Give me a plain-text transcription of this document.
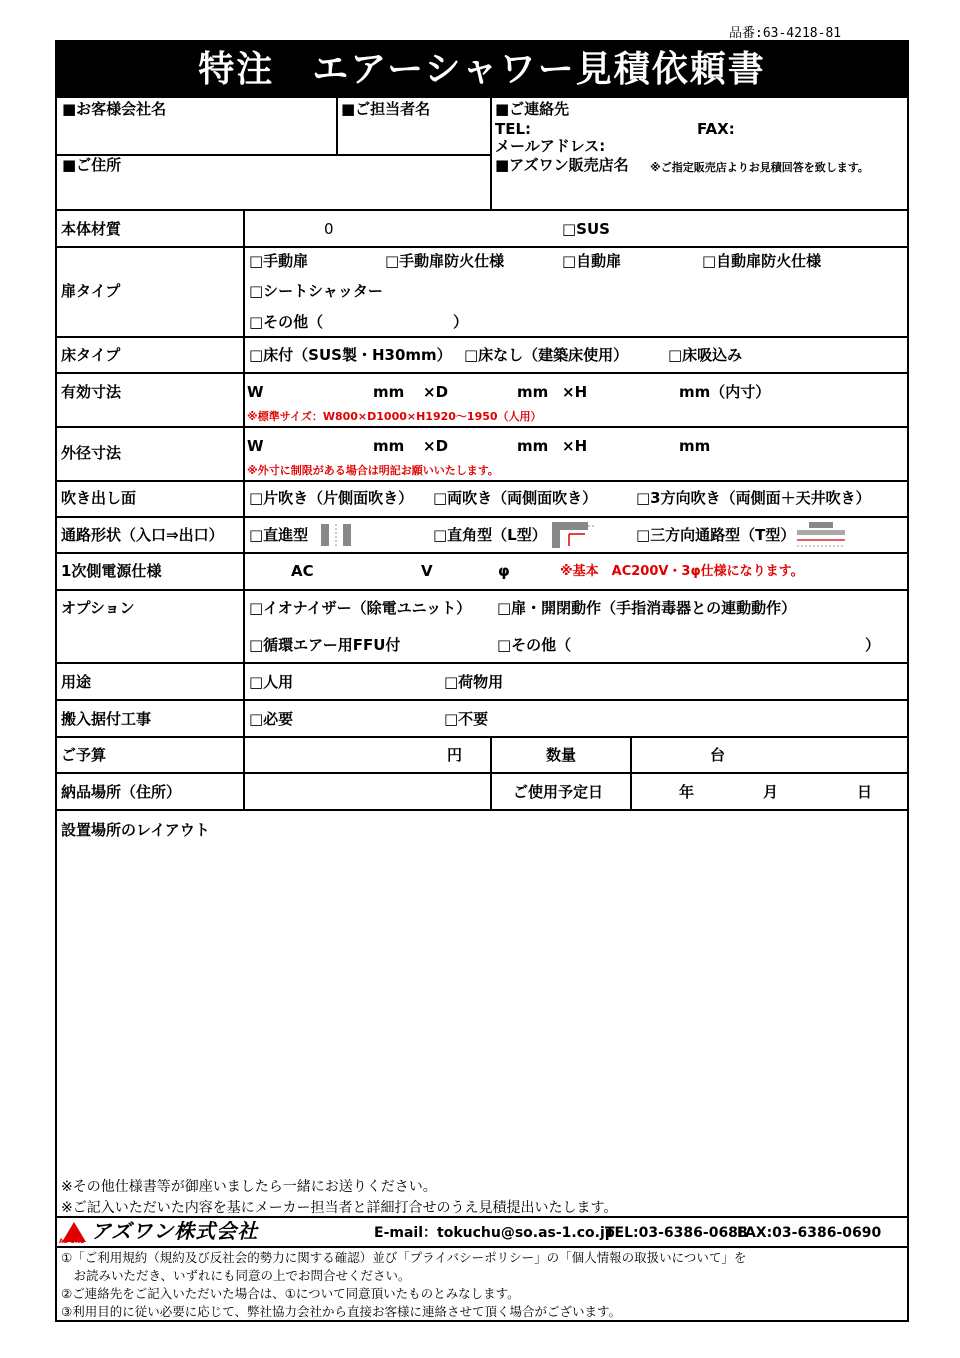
品番:63-4218-81
特注　エアーシャワー見積依頼書
■お客様会社名	■ご担当者名	■ご連絡先
TEL:	FAX:
メールアドレス:
■ご住所	■アズワン販売店名 ※ご指定販売店よりお見積回答を致します。
本体材質	0	□SUS
扉タイプ
□手動扉	□手動扉防火仕様	□自動扉	□自動扉防火仕様
□シートシャッター
□その他（	）
床タイプ	□床付（SUS製・H30mm） □床なし（建築床使用）	□床吸込み
有効寸法	W	mm ×D	mm ×H	mm（内寸）
※標準サイズ：W800×D1000×H1920～1950（人用）
外径寸法	W	mm ×D	mm ×H	mm
※外寸に制限がある場合は明記お願いいたします。
吹き出し面	□片吹き（片側面吹き） □両吹き（両側面吹き）	□3方向吹き（両側面＋天井吹き）
通路形状（入口⇒出口） □直進型	□直角型（L型）	□三方向通路型（T型）
1次側電源仕様	AC	V	φ	※基本　AC200V・3φ仕様になります。
オプション	□イオナイザー（除電ユニット） □扉・開閉動作（手指消毒器との連動動作）
□循環エアー用FFU付	□その他（	）
用途	□人用	□荷物用
搬入据付工事	□必要	□不要
ご予算	円	数量	台
納品場所（住所）	ご使用予定日	年	月	日
設置場所のレイアウト
※その他仕様書等が御座いましたら一緒にお送りください。
※ご記入いただいた内容を基にメーカー担当者と詳細打合せのうえ見積提出いたします。
AS ONE アズワン株式会社	E-mail：tokuchu@so.as-1.co.jp
TEL:03-6386-0688
FAX:03-6386-0690
①「ご利用規約（規約及び反社会的勢力に関する確認）並び「プライバシーポリシー」の「個人情報の取扱いについて」を
　お読みいただき、いずれにも同意の上でお問合せください。
②ご連絡先をご記入いただいた場合は、①について同意頂いたものとみなします。
③利用目的に従い必要に応じて、弊社協力会社から直接お客様に連絡させて頂く場合がございます。
